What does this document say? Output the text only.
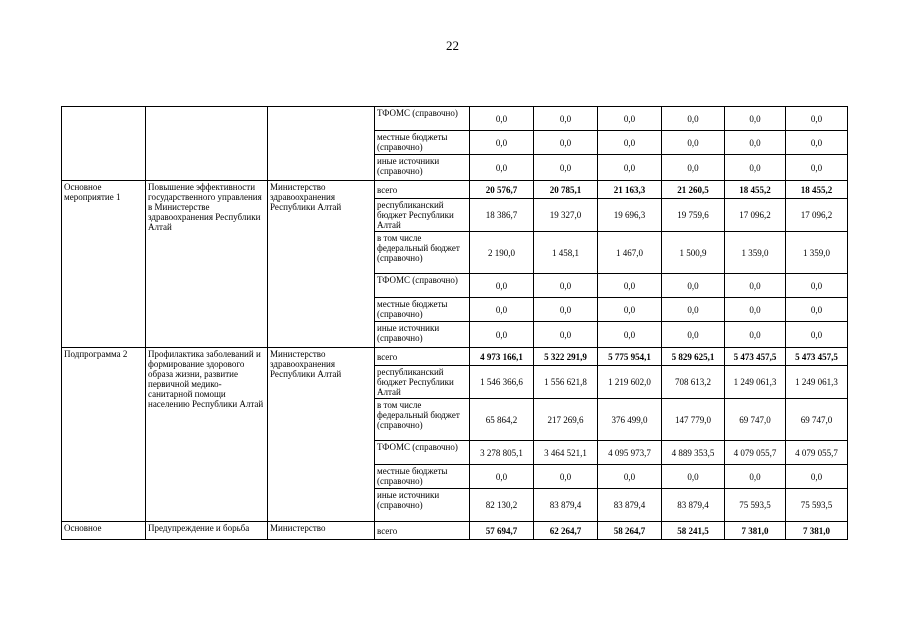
22
			ТФОМС (справочно)	0,0	0,0	0,0	0,0	0,0	0,0
			местные бюджеты (справочно)	0,0	0,0	0,0	0,0	0,0	0,0
			иные источники (справочно)	0,0	0,0	0,0	0,0	0,0	0,0
Основное мероприятие 1	Повышение эффективности государственного управления в Министерстве здравоохранения Республики Алтай	Министерство здравоохранения Республики Алтай	всего	20 576,7	20 785,1	21 163,3	21 260,5	18 455,2	18 455,2
			республиканский бюджет Республики Алтай	18 386,7	19 327,0	19 696,3	19 759,6	17 096,2	17 096,2
			в том числе федеральный бюджет (справочно)	2 190,0	1 458,1	1 467,0	1 500,9	1 359,0	1 359,0
			ТФОМС (справочно)	0,0	0,0	0,0	0,0	0,0	0,0
			местные бюджеты (справочно)	0,0	0,0	0,0	0,0	0,0	0,0
			иные источники (справочно)	0,0	0,0	0,0	0,0	0,0	0,0
Подпрограмма 2	Профилактика заболеваний и формирование здорового образа жизни, развитие первичной медико-санитарной помощи населению Республики Алтай	Министерство здравоохранения Республики Алтай	всего	4 973 166,1	5 322 291,9	5 775 954,1	5 829 625,1	5 473 457,5	5 473 457,5
			республиканский бюджет Республики Алтай	1 546 366,6	1 556 621,8	1 219 602,0	708 613,2	1 249 061,3	1 249 061,3
			в том числе федеральный бюджет (справочно)	65 864,2	217 269,6	376 499,0	147 779,0	69 747,0	69 747,0
			ТФОМС (справочно)	3 278 805,1	3 464 521,1	4 095 973,7	4 889 353,5	4 079 055,7	4 079 055,7
			местные бюджеты (справочно)	0,0	0,0	0,0	0,0	0,0	0,0
			иные источники (справочно)	82 130,2	83 879,4	83 879,4	83 879,4	75 593,5	75 593,5
Основное	Предупреждение и борьба	Министерство	всего	57 694,7	62 264,7	58 264,7	58 241,5	7 381,0	7 381,0
